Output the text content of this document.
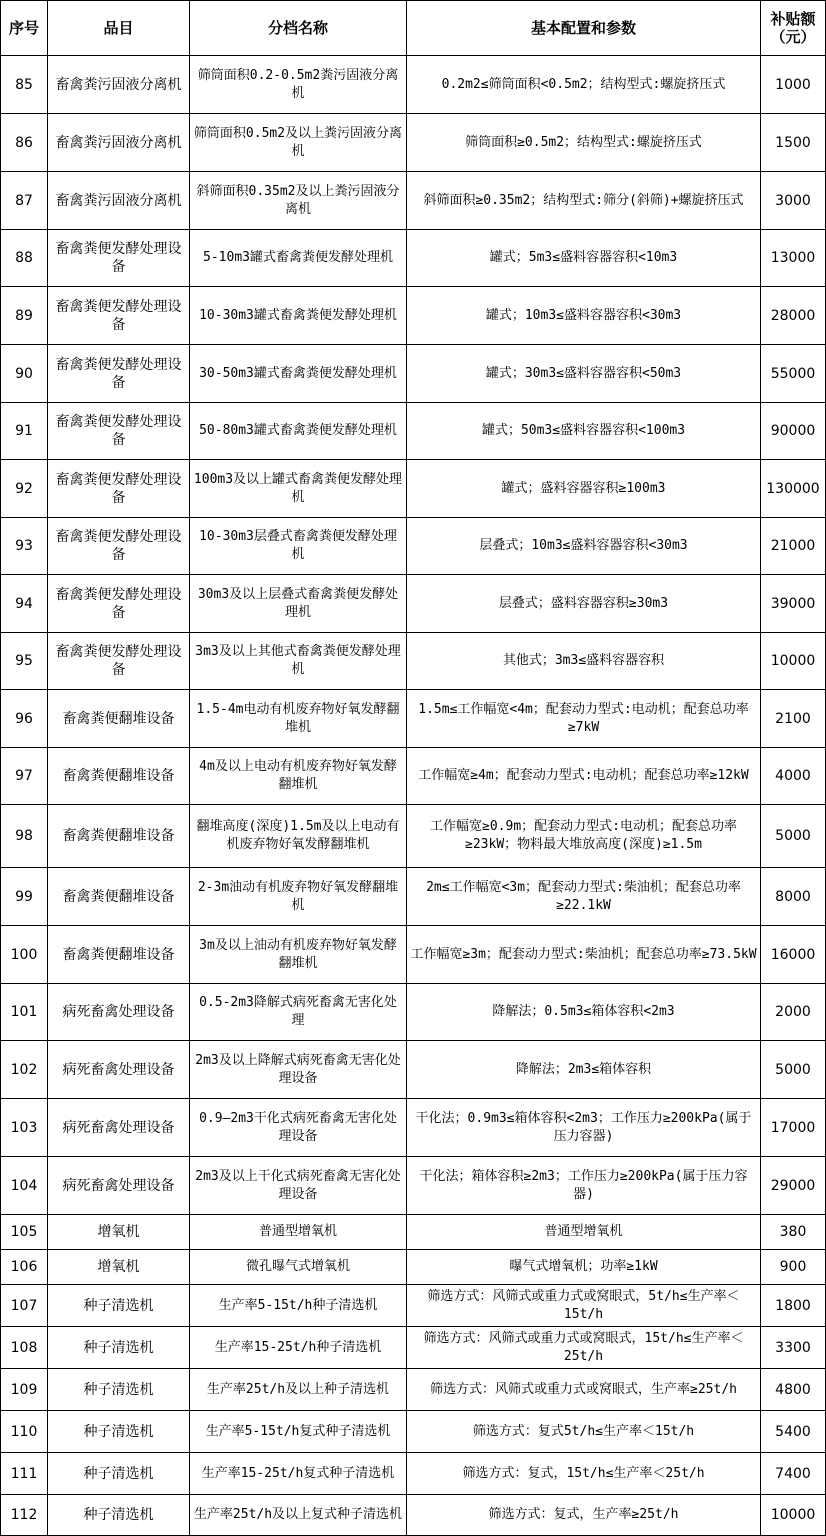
序号	品目	分档名称	基本配置和参数	补贴额（元）
85	畜禽粪污固液分离机	筛筒面积0.2-0.5m2粪污固液分离机	0.2m2≤筛筒面积<0.5m2；结构型式:螺旋挤压式	1000
86	畜禽粪污固液分离机	筛筒面积0.5m2及以上粪污固液分离机	筛筒面积≥0.5m2；结构型式:螺旋挤压式	1500
87	畜禽粪污固液分离机	斜筛面积0.35m2及以上粪污固液分离机	斜筛面积≥0.35m2；结构型式:筛分(斜筛)+螺旋挤压式	3000
88	畜禽粪便发酵处理设备	5-10m3罐式畜禽粪便发酵处理机	罐式；5m3≤盛料容器容积<10m3	13000
89	畜禽粪便发酵处理设备	10-30m3罐式畜禽粪便发酵处理机	罐式；10m3≤盛料容器容积<30m3	28000
90	畜禽粪便发酵处理设备	30-50m3罐式畜禽粪便发酵处理机	罐式；30m3≤盛料容器容积<50m3	55000
91	畜禽粪便发酵处理设备	50-80m3罐式畜禽粪便发酵处理机	罐式；50m3≤盛料容器容积<100m3	90000
92	畜禽粪便发酵处理设备	100m3及以上罐式畜禽粪便发酵处理机	罐式；盛料容器容积≥100m3	130000
93	畜禽粪便发酵处理设备	10-30m3层叠式畜禽粪便发酵处理机	层叠式；10m3≤盛料容器容积<30m3	21000
94	畜禽粪便发酵处理设备	30m3及以上层叠式畜禽粪便发酵处理机	层叠式；盛料容器容积≥30m3	39000
95	畜禽粪便发酵处理设备	3m3及以上其他式畜禽粪便发酵处理机	其他式；3m3≤盛料容器容积	10000
96	畜禽粪便翻堆设备	1.5-4m电动有机废弃物好氧发酵翻堆机	1.5m≤工作幅宽<4m；配套动力型式:电动机；配套总功率≥7kW	2100
97	畜禽粪便翻堆设备	4m及以上电动有机废弃物好氧发酵翻堆机	工作幅宽≥4m；配套动力型式:电动机；配套总功率≥12kW	4000
98	畜禽粪便翻堆设备	翻堆高度(深度)1.5m及以上电动有机废弃物好氧发酵翻堆机	工作幅宽≥0.9m；配套动力型式:电动机；配套总功率≥23kW；物料最大堆放高度(深度)≥1.5m	5000
99	畜禽粪便翻堆设备	2-3m油动有机废弃物好氧发酵翻堆机	2m≤工作幅宽<3m；配套动力型式:柴油机；配套总功率≥22.1kW	8000
100	畜禽粪便翻堆设备	3m及以上油动有机废弃物好氧发酵翻堆机	工作幅宽≥3m；配套动力型式:柴油机；配套总功率≥73.5kW	16000
101	病死畜禽处理设备	0.5-2m3降解式病死畜禽无害化处理	降解法；0.5m3≤箱体容积<2m3	2000
102	病死畜禽处理设备	2m3及以上降解式病死畜禽无害化处理设备	降解法；2m3≤箱体容积	5000
103	病死畜禽处理设备	0.9—2m3干化式病死畜禽无害化处理设备	干化法；0.9m3≤箱体容积<2m3；工作压力≥200kPa(属于压力容器)	17000
104	病死畜禽处理设备	2m3及以上干化式病死畜禽无害化处理设备	干化法；箱体容积≥2m3；工作压力≥200kPa(属于压力容器)	29000
105	增氧机	普通型增氧机	普通型增氧机	380
106	增氧机	微孔曝气式增氧机	曝气式增氧机；功率≥1kW	900
107	种子清选机	生产率5-15t/h种子清选机	筛选方式：风筛式或重力式或窝眼式，5t/h≤生产率＜15t/h	1800
108	种子清选机	生产率15-25t/h种子清选机	筛选方式：风筛式或重力式或窝眼式，15t/h≤生产率＜25t/h	3300
109	种子清选机	生产率25t/h及以上种子清选机	筛选方式：风筛式或重力式或窝眼式，生产率≥25t/h	4800
110	种子清选机	生产率5-15t/h复式种子清选机	筛选方式：复式5t/h≤生产率＜15t/h	5400
111	种子清选机	生产率15-25t/h复式种子清选机	筛选方式：复式，15t/h≤生产率＜25t/h	7400
112	种子清选机	生产率25t/h及以上复式种子清选机	筛选方式：复式，生产率≥25t/h	10000
